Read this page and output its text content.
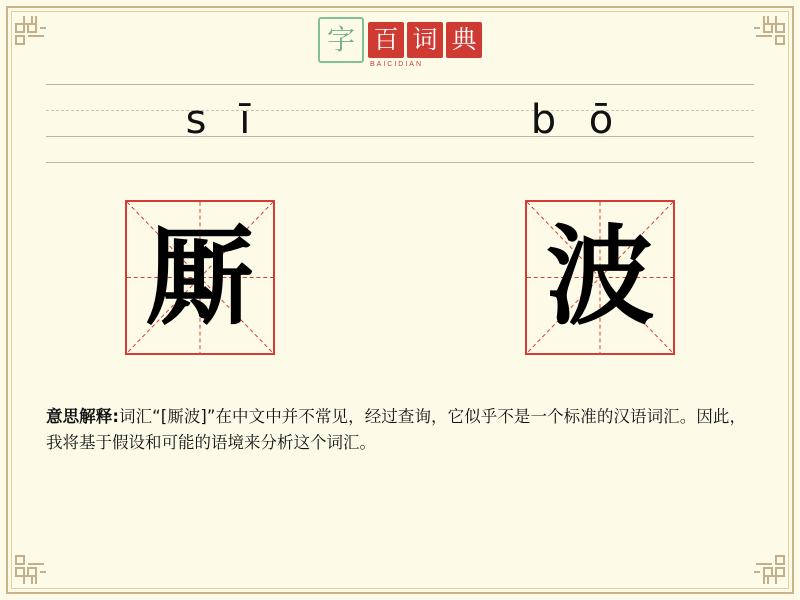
字 百 词 典
BAICIDIAN
s ī	b ō
厮	波
意思解释:词汇“[厮波]”在中文中并不常见，经过查询，它似乎不是一个标准的汉语词汇。因此，我将基于假设和可能的语境来分析这个词汇。
